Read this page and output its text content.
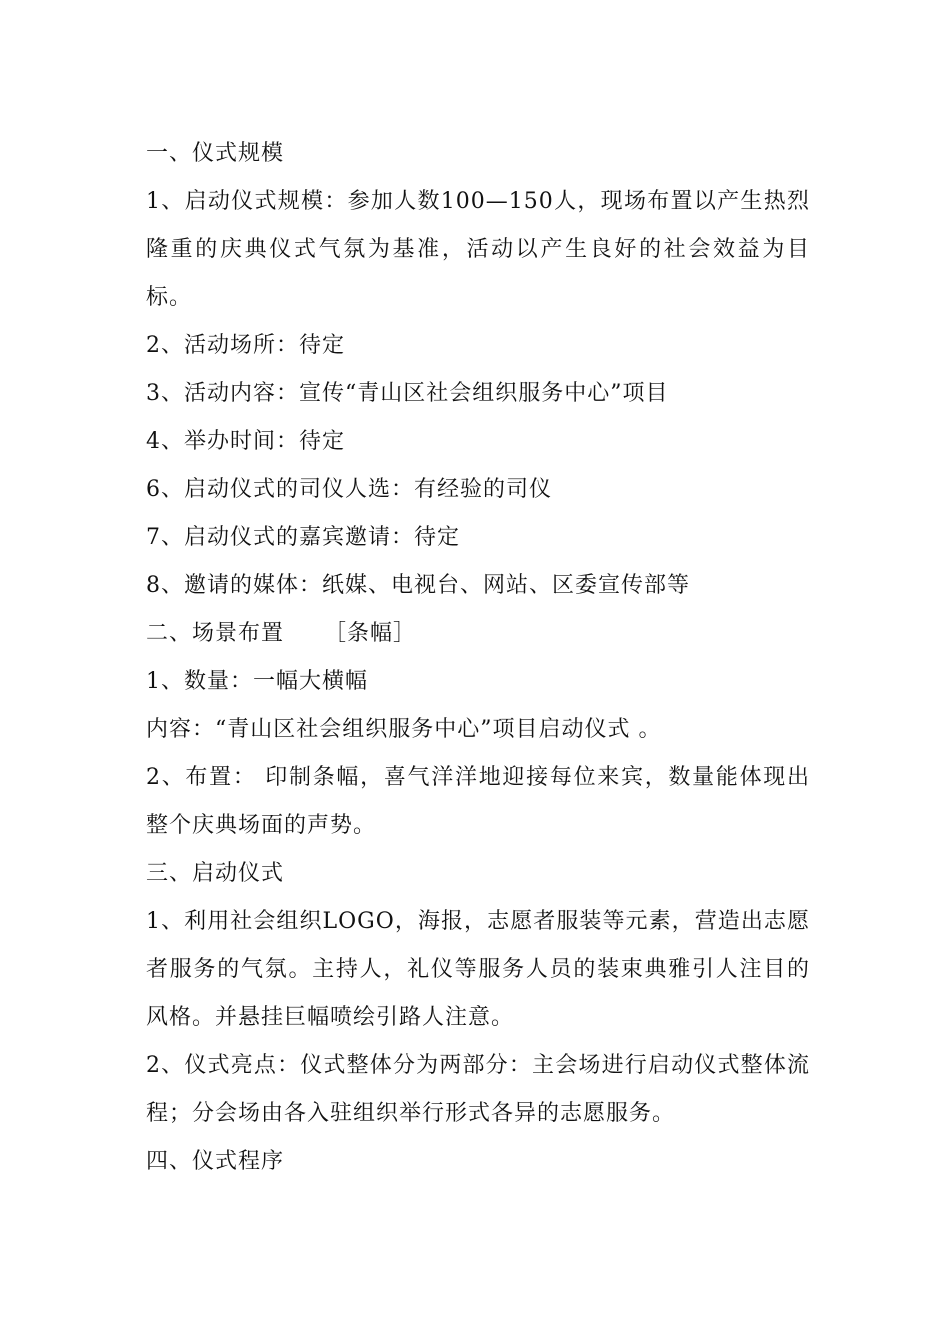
一、仪式规模

1、启动仪式规模：参加人数100—150人，现场布置以产生热烈隆重的庆典仪式气氛为基准，活动以产生良好的社会效益为目标。

2、活动场所：待定

3、活动内容：宣传“青山区社会组织服务中心”项目

4、举办时间：待定

6、启动仪式的司仪人选：有经验的司仪

7、启动仪式的嘉宾邀请：待定

8、邀请的媒体：纸媒、电视台、网站、区委宣传部等

二、场景布置     ［条幅］

1、数量：一幅大横幅

内容：“青山区社会组织服务中心”项目启动仪式 。

2、布置： 印制条幅，喜气洋洋地迎接每位来宾，数量能体现出整个庆典场面的声势。

三、启动仪式

1、利用社会组织LOGO，海报，志愿者服装等元素，营造出志愿者服务的气氛。主持人，礼仪等服务人员的装束典雅引人注目的风格。并悬挂巨幅喷绘引路人注意。

2、仪式亮点：仪式整体分为两部分：主会场进行启动仪式整体流程；分会场由各入驻组织举行形式各异的志愿服务。

四、仪式程序
